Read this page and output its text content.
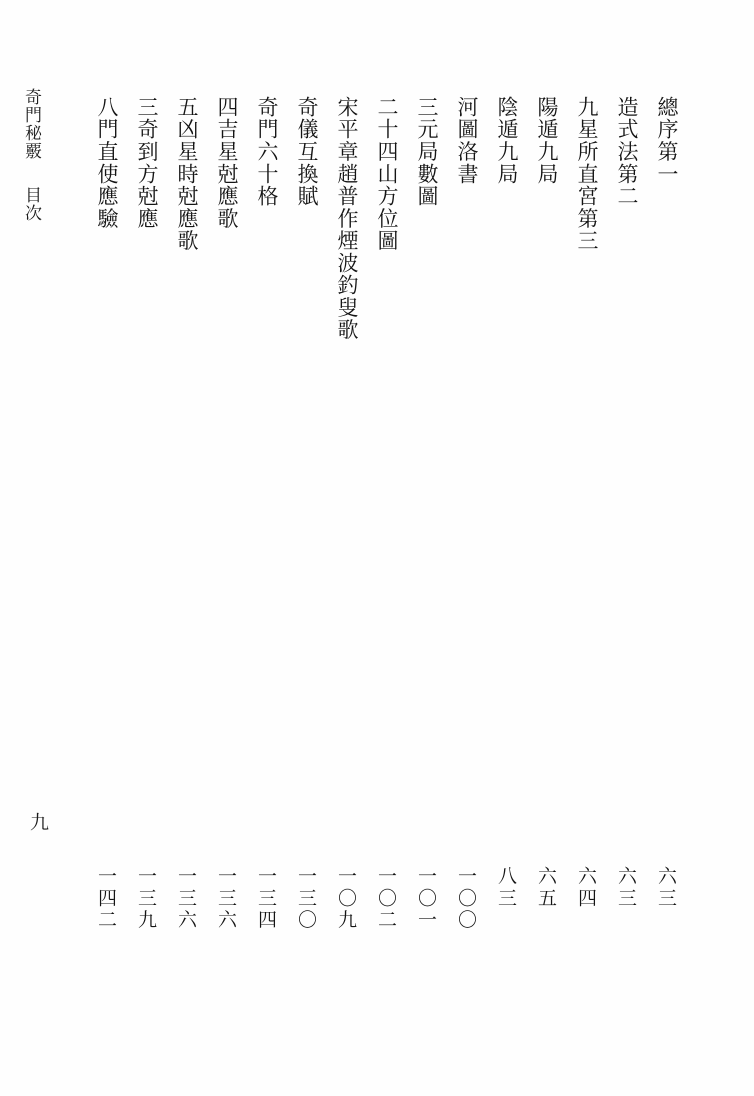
奇門秘覈
目次
九
總序第一
造式法第二
九星所直宮第三
陽遁九局
陰遁九局
河圖洛書
三元局數圖
二十四山方位圖
宋平章趙普作煙波釣叟歌
奇儀互換賦
奇門六十格
四吉星尅應歌
五凶星時尅應歌
三奇到方尅應
八門直使應驗
六三
六三
六四
六五
八三
一〇〇
一〇一
一〇二
一〇九
一三〇
一三四
一三六
一三六
一三九
一四二
